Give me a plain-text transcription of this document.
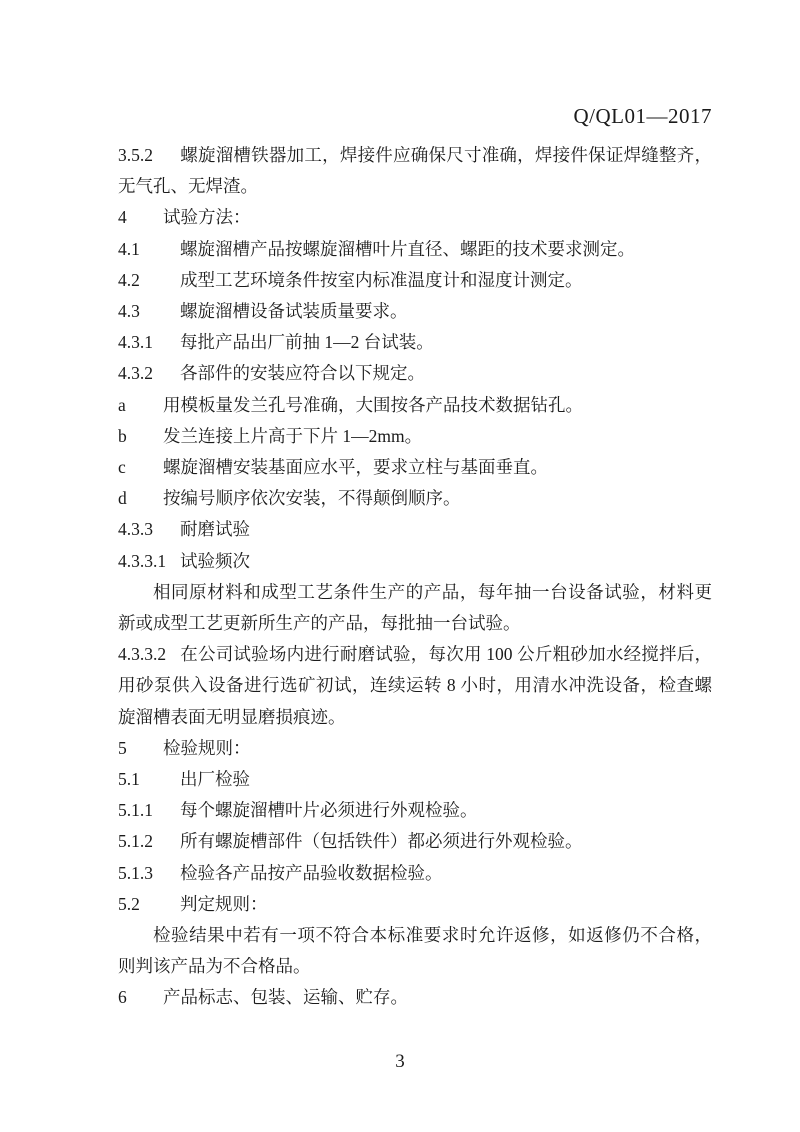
Q/QL01—2017

3.5.2 螺旋溜槽铁器加工，焊接件应确保尺寸准确，焊接件保证焊缝整齐，无气孔、无焊渣。

4 试验方法：

4.1 螺旋溜槽产品按螺旋溜槽叶片直径、螺距的技术要求测定。

4.2 成型工艺环境条件按室内标准温度计和湿度计测定。

4.3 螺旋溜槽设备试装质量要求。

4.3.1 每批产品出厂前抽 1—2 台试装。

4.3.2 各部件的安装应符合以下规定。

a 用模板量发兰孔号准确，大围按各产品技术数据钻孔。

b 发兰连接上片高于下片 1—2mm。

c 螺旋溜槽安装基面应水平，要求立柱与基面垂直。

d 按编号顺序依次安装，不得颠倒顺序。

4.3.3 耐磨试验

4.3.3.1 试验频次

相同原材料和成型工艺条件生产的产品，每年抽一台设备试验，材料更新或成型工艺更新所生产的产品，每批抽一台试验。

4.3.3.2 在公司试验场内进行耐磨试验，每次用 100 公斤粗砂加水经搅拌后，用砂泵供入设备进行选矿初试，连续运转 8 小时，用清水冲洗设备，检查螺旋溜槽表面无明显磨损痕迹。

5 检验规则：

5.1 出厂检验

5.1.1 每个螺旋溜槽叶片必须进行外观检验。

5.1.2 所有螺旋槽部件（包括铁件）都必须进行外观检验。

5.1.3 检验各产品按产品验收数据检验。

5.2 判定规则：

检验结果中若有一项不符合本标准要求时允许返修，如返修仍不合格，则判该产品为不合格品。

6 产品标志、包装、运输、贮存。

3
